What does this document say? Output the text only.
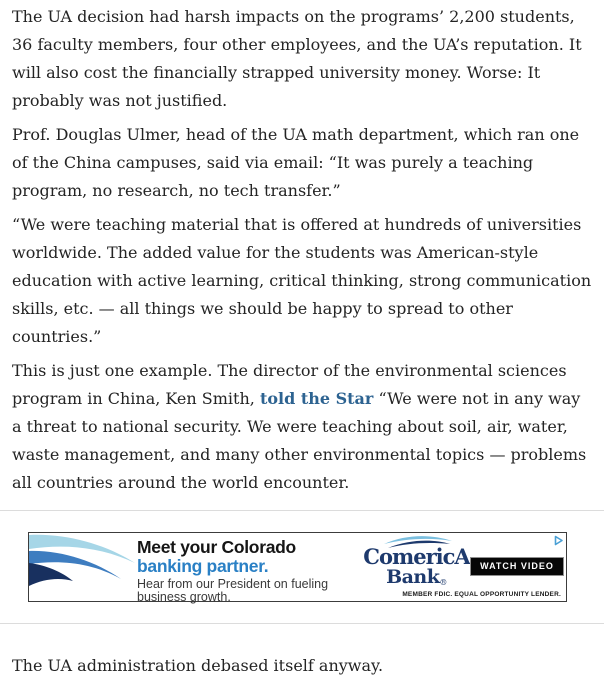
The UA decision had harsh impacts on the programs’ 2,200 students, 36 faculty members, four other employees, and the UA’s reputation. It will also cost the financially strapped university money. Worse: It probably was not justified.

Prof. Douglas Ulmer, head of the UA math department, which ran one of the China campuses, said via email: “It was purely a teaching program, no research, no tech transfer.”

“We were teaching material that is offered at hundreds of universities worldwide. The added value for the students was American-style education with active learning, critical thinking, strong communication skills, etc. — all things we should be happy to spread to other countries.”

This is just one example. The director of the environmental sciences program in China, Ken Smith, told the Star “We were not in any way a threat to national security. We were teaching about soil, air, water, waste management, and many other environmental topics — problems all countries around the world encounter.

Meet your Colorado
banking partner.
Hear from our President on fueling
business growth.
ComericA
Bank®
WATCH VIDEO
MEMBER FDIC. EQUAL OPPORTUNITY LENDER.

The UA administration debased itself anyway.
